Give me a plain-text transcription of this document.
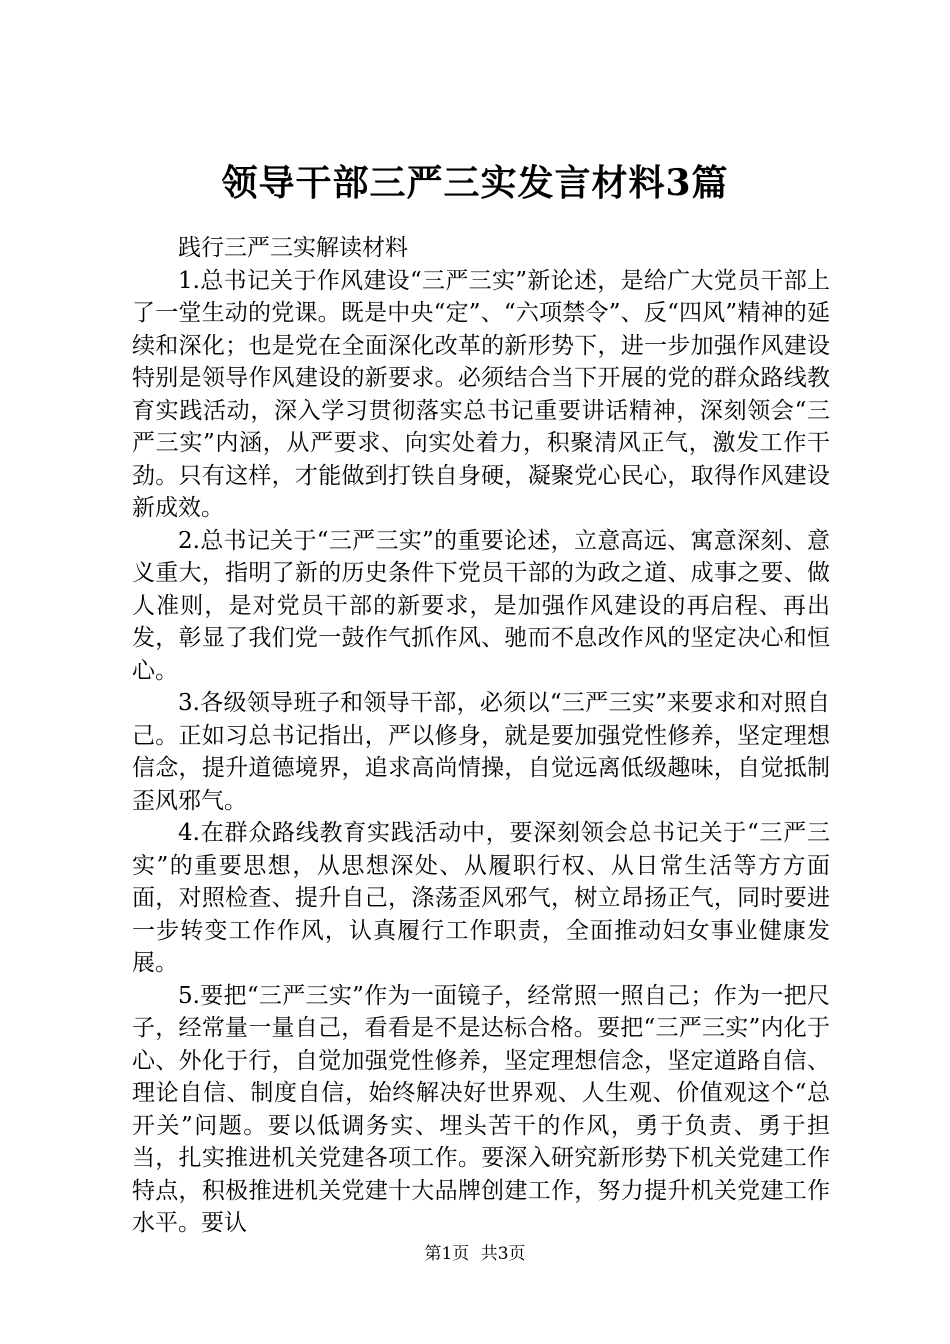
领导干部三严三实发言材料3篇

践行三严三实解读材料

1.总书记关于作风建设“三严三实”新论述，是给广大党员干部上了一堂生动的党课。既是中央“定”、“六项禁令”、反“四风”精神的延续和深化；也是党在全面深化改革的新形势下，进一步加强作风建设特别是领导作风建设的新要求。必须结合当下开展的党的群众路线教育实践活动，深入学习贯彻落实总书记重要讲话精神，深刻领会“三严三实”内涵，从严要求、向实处着力，积聚清风正气，激发工作干劲。只有这样，才能做到打铁自身硬，凝聚党心民心，取得作风建设新成效。

2.总书记关于“三严三实”的重要论述，立意高远、寓意深刻、意义重大，指明了新的历史条件下党员干部的为政之道、成事之要、做人准则，是对党员干部的新要求，是加强作风建设的再启程、再出发，彰显了我们党一鼓作气抓作风、驰而不息改作风的坚定决心和恒心。

3.各级领导班子和领导干部，必须以“三严三实”来要求和对照自己。正如习总书记指出，严以修身，就是要加强党性修养，坚定理想信念，提升道德境界，追求高尚情操，自觉远离低级趣味，自觉抵制歪风邪气。

4.在群众路线教育实践活动中，要深刻领会总书记关于“三严三实”的重要思想，从思想深处、从履职行权、从日常生活等方方面面，对照检查、提升自己，涤荡歪风邪气，树立昂扬正气，同时要进一步转变工作作风，认真履行工作职责，全面推动妇女事业健康发展。

5.要把“三严三实”作为一面镜子，经常照一照自己；作为一把尺子，经常量一量自己，看看是不是达标合格。要把“三严三实”内化于心、外化于行，自觉加强党性修养，坚定理想信念，坚定道路自信、理论自信、制度自信，始终解决好世界观、人生观、价值观这个“总开关”问题。要以低调务实、埋头苦干的作风，勇于负责、勇于担当，扎实推进机关党建各项工作。要深入研究新形势下机关党建工作特点，积极推进机关党建十大品牌创建工作，努力提升机关党建工作水平。要认

第1页 共3页
